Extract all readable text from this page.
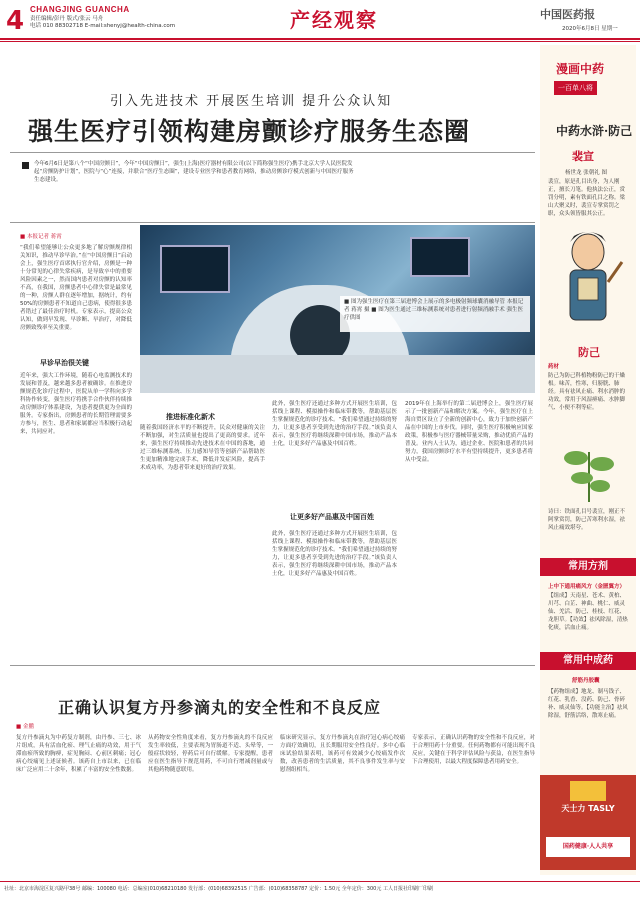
4 CHANGJING GUANCHA
责任编辑/彭丹 版式/张云 马舟
电话 010 88302718 E-mail:shenyj@health-china.com	产经观察	中国医药报
2020年6月8日 星期一
引入先进技术 开展医生培训 提升公众认知
强生医疗引领构建房颤诊疗服务生态圈
今年6月6日是第八个“中国房颤日”，今年“中国房颤日”，强生(上海)医疗器材有限公司(以下简称强生医疗)携手北京大学人民医院发起“房颤防护计划”，医院与“心”连接，并联合“医疗生态圈”，建设专业医学和患者教育网络，推动房颤诊疗模式创新与中国医疗服务生态建设。
■ 图为强生医疗在第三届进博会上展示的多电极射频球囊消融导管 本报记者 蒋霄 摄 ■ 图为医生通过三维标测系统对患者进行射频消融手术 强生医疗供图
■ 本报记者 蒋霄
“我们希望能够让公众更多地了解房颤规律相关知识，推动早诊早治。”在“中国房颤日”启动会上，强生医疗首席执行官介绍，房颤是一种十分常见的心律失常疾病，是导致卒中的重要风险因素之一，然而国内患者对房颤的认知率不高，在我国，房颤患者中心律失常是最常见的一种，房颤人群在逐年增加，据统计，约有50%的房颤患者不知道自己患病，使得很多患者错过了最佳治疗时机。专家表示，提高公众认知，做到早发现、早诊断、早治疗，对降低房颤致残率至关重要。
早诊早治很关键
近年来，强大工作环境，随着心电监测技术的发展和普及，越来越多患者被确诊。在推进房颤规范化诊疗过程中，医院从单一学科向多学科协作转变，强生医疗将携手合作伙伴持续推动房颤诊疗体系建设，为患者提供更为全面的服务。专家指出，房颤患者的长期管理需要多方参与，医生、患者和家属都应当积极行动起来，共同应对。
推进标准化新术
随着我国经济水平的不断提升，民众对健康的关注不断加强，对生活质量也提出了更高的要求。近年来，强生医疗持续推动先进技术在中国的落地，通过三维标测系统、压力感知导管等创新产品帮助医生更加精准地完成手术，降低并发症风险，提高手术成功率，为患者带来更好的治疗效果。
此外，强生医疗还通过多种方式开展医生培训，包括线上课程、模拟操作和临床带教等，帮助基层医生掌握规范化的诊疗技术。“我们希望通过持续的努力，让更多患者享受到先进的治疗手段。”该负责人表示，强生医疗将继续深耕中国市场，推动产品本土化，让更多好产品惠及中国百姓。
让更多好产品惠及中国百姓
此外，强生医疗还通过多种方式开展医生培训，包括线上课程、模拟操作和临床带教等，帮助基层医生掌握规范化的诊疗技术。“我们希望通过持续的努力，让更多患者享受到先进的治疗手段。”该负责人表示，强生医疗将继续深耕中国市场，推动产品本土化，让更多好产品惠及中国百姓。
2019年在上海举行的第二届进博会上，强生医疗展示了一批创新产品和解决方案。今年，强生医疗在上海自贸区设立了全新的创新中心，致力于加快创新产品在中国的上市步伐。同时，强生医疗积极响应国家政策，积极参与医疗器械带量采购，推动优质产品的普及。业内人士认为，通过企业、医院和患者的共同努力，我国房颤诊疗水平有望持续提升，更多患者将从中受益。
正确认识复方丹参滴丸的安全性和不良反应
■ 金鹏
复方丹参滴丸为中药复方制剂，由丹参、三七、冰片组成，具有活血化瘀、理气止痛的功效，用于气滞血瘀所致的胸痹，症见胸闷、心前区刺痛；冠心病心绞痛见上述证候者。该药自上市以来，已在临床广泛应用二十余年，积累了丰富的安全性数据。
从药物安全性角度来看，复方丹参滴丸的不良反应发生率较低，主要表现为胃肠道不适、头晕等，一般症状较轻，停药后可自行缓解。专家提醒，患者应在医生指导下规范用药，不可自行增减剂量或与其他药物随意联用。
临床研究显示，复方丹参滴丸在治疗冠心病心绞痛方面疗效确切，且长期服用安全性良好。多中心临床试验结果表明，该药可有效减少心绞痛发作次数，改善患者的生活质量，其不良事件发生率与安慰剂组相当。
专家表示，正确认识药物的安全性和不良反应，对于合理用药十分重要。任何药物都有可能出现不良反应，关键在于科学评估风险与获益，在医生指导下合理使用，以最大程度保障患者用药安全。
漫画中药
一百单八将
中药水浒·防己
裴宣
杨世龙 张朝礼 图
裴宣，原是孔目出身，为人刚正，擅长刀笔。他执法公正，赏罚分明，素有铁面孔目之称。梁山大聚义时，裴宣专掌赏罚之职，众头领皆服其公正。
防己
药材
防己为防己科植物粉防己的干燥根。味苦，性寒，归膀胱、肺经。具有祛风止痛、利水消肿的功效，常用于风湿痹痛、水肿脚气、小便不利等症。
诗曰：铁面孔目号裴宣，刚正不阿掌赏罚，防己苦寒利水湿，祛风止痛效堪夸。
常用方剂
上中下通用痛风方（金匮翼方）
【组成】天南星、苍术、黄柏、川芎、白芷、神曲、桃仁、威灵仙、羌活、防己、桂枝、红花、龙胆草。【功效】祛风除湿，清热化痰，活血止痛。
常用中成药
舒筋丹胶囊
【药物组成】地龙、制马钱子、红花、乳香、没药、防己、骨碎补、威灵仙等。【功能主治】祛风除湿，舒筋活络，散寒止痛。
天士力 TASLY
国药健康·人人共享
社址：北京市海淀区复兴路甲38号 邮编：100080 电话：总编室(010)68210180 发行部：(010)68392515 广告部：(010)68358787 定价：1.50元 全年定价：300元 工人日报社印刷厂印刷
